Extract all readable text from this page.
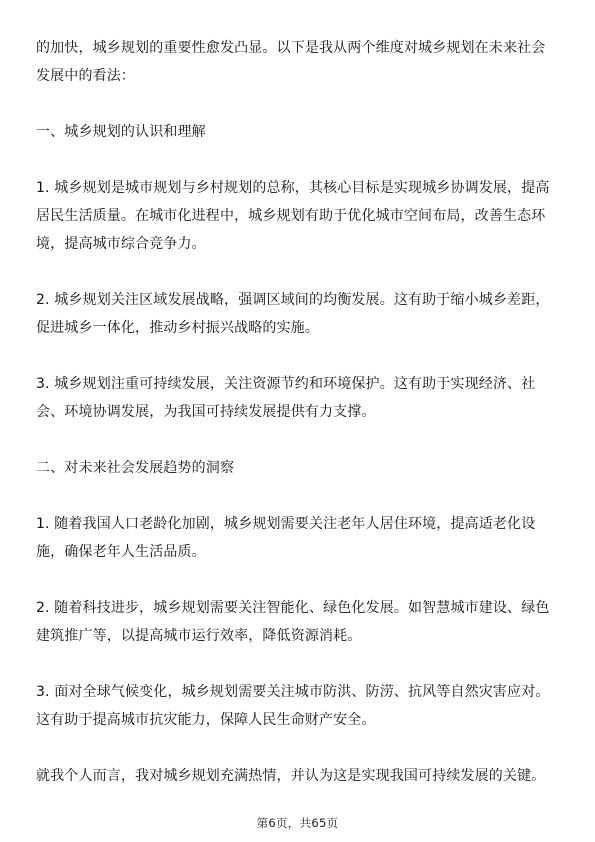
的加快，城乡规划的重要性愈发凸显。以下是我从两个维度对城乡规划在未来社会
发展中的看法：

一、城乡规划的认识和理解

1. 城乡规划是城市规划与乡村规划的总称，其核心目标是实现城乡协调发展，提高
居民生活质量。在城市化进程中，城乡规划有助于优化城市空间布局，改善生态环
境，提高城市综合竞争力。

2. 城乡规划关注区域发展战略，强调区域间的均衡发展。这有助于缩小城乡差距，
促进城乡一体化，推动乡村振兴战略的实施。

3. 城乡规划注重可持续发展，关注资源节约和环境保护。这有助于实现经济、社
会、环境协调发展，为我国可持续发展提供有力支撑。

二、对未来社会发展趋势的洞察

1. 随着我国人口老龄化加剧，城乡规划需要关注老年人居住环境，提高适老化设
施，确保老年人生活品质。

2. 随着科技进步，城乡规划需要关注智能化、绿色化发展。如智慧城市建设、绿色
建筑推广等，以提高城市运行效率，降低资源消耗。

3. 面对全球气候变化，城乡规划需要关注城市防洪、防涝、抗风等自然灾害应对。
这有助于提高城市抗灾能力，保障人民生命财产安全。

就我个人而言，我对城乡规划充满热情，并认为这是实现我国可持续发展的关键。

第6页，共65页
